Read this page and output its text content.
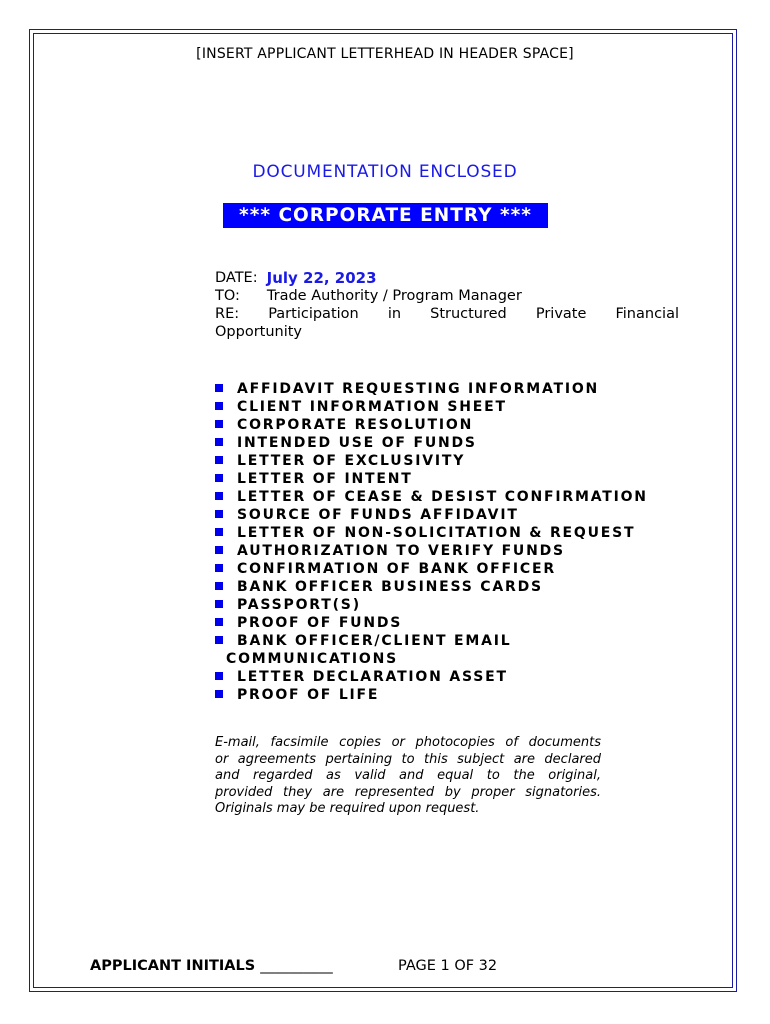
[INSERT APPLICANT LETTERHEAD IN HEADER SPACE]
DOCUMENTATION ENCLOSED
*** CORPORATE ENTRY ***
DATE: July 22, 2023
TO: Trade Authority / Program Manager
RE: Participation in Structured Private Financial
Opportunity
AFFIDAVIT REQUESTING INFORMATION
CLIENT INFORMATION SHEET
CORPORATE RESOLUTION
INTENDED USE OF FUNDS
LETTER OF EXCLUSIVITY
LETTER OF INTENT
LETTER OF CEASE & DESIST CONFIRMATION
SOURCE OF FUNDS AFFIDAVIT
LETTER OF NON-SOLICITATION & REQUEST
AUTHORIZATION TO VERIFY FUNDS
CONFIRMATION OF BANK OFFICER
BANK OFFICER BUSINESS CARDS
PASSPORT(S)
PROOF OF FUNDS
BANK OFFICER/CLIENT EMAIL
COMMUNICATIONS
LETTER DECLARATION ASSET
PROOF OF LIFE
E-mail, facsimile copies or photocopies of documents
or agreements pertaining to this subject are declared
and regarded as valid and equal to the original,
provided they are represented by proper signatories.
Originals may be required upon request.
APPLICANT INITIALS __________	PAGE 1 OF 32
